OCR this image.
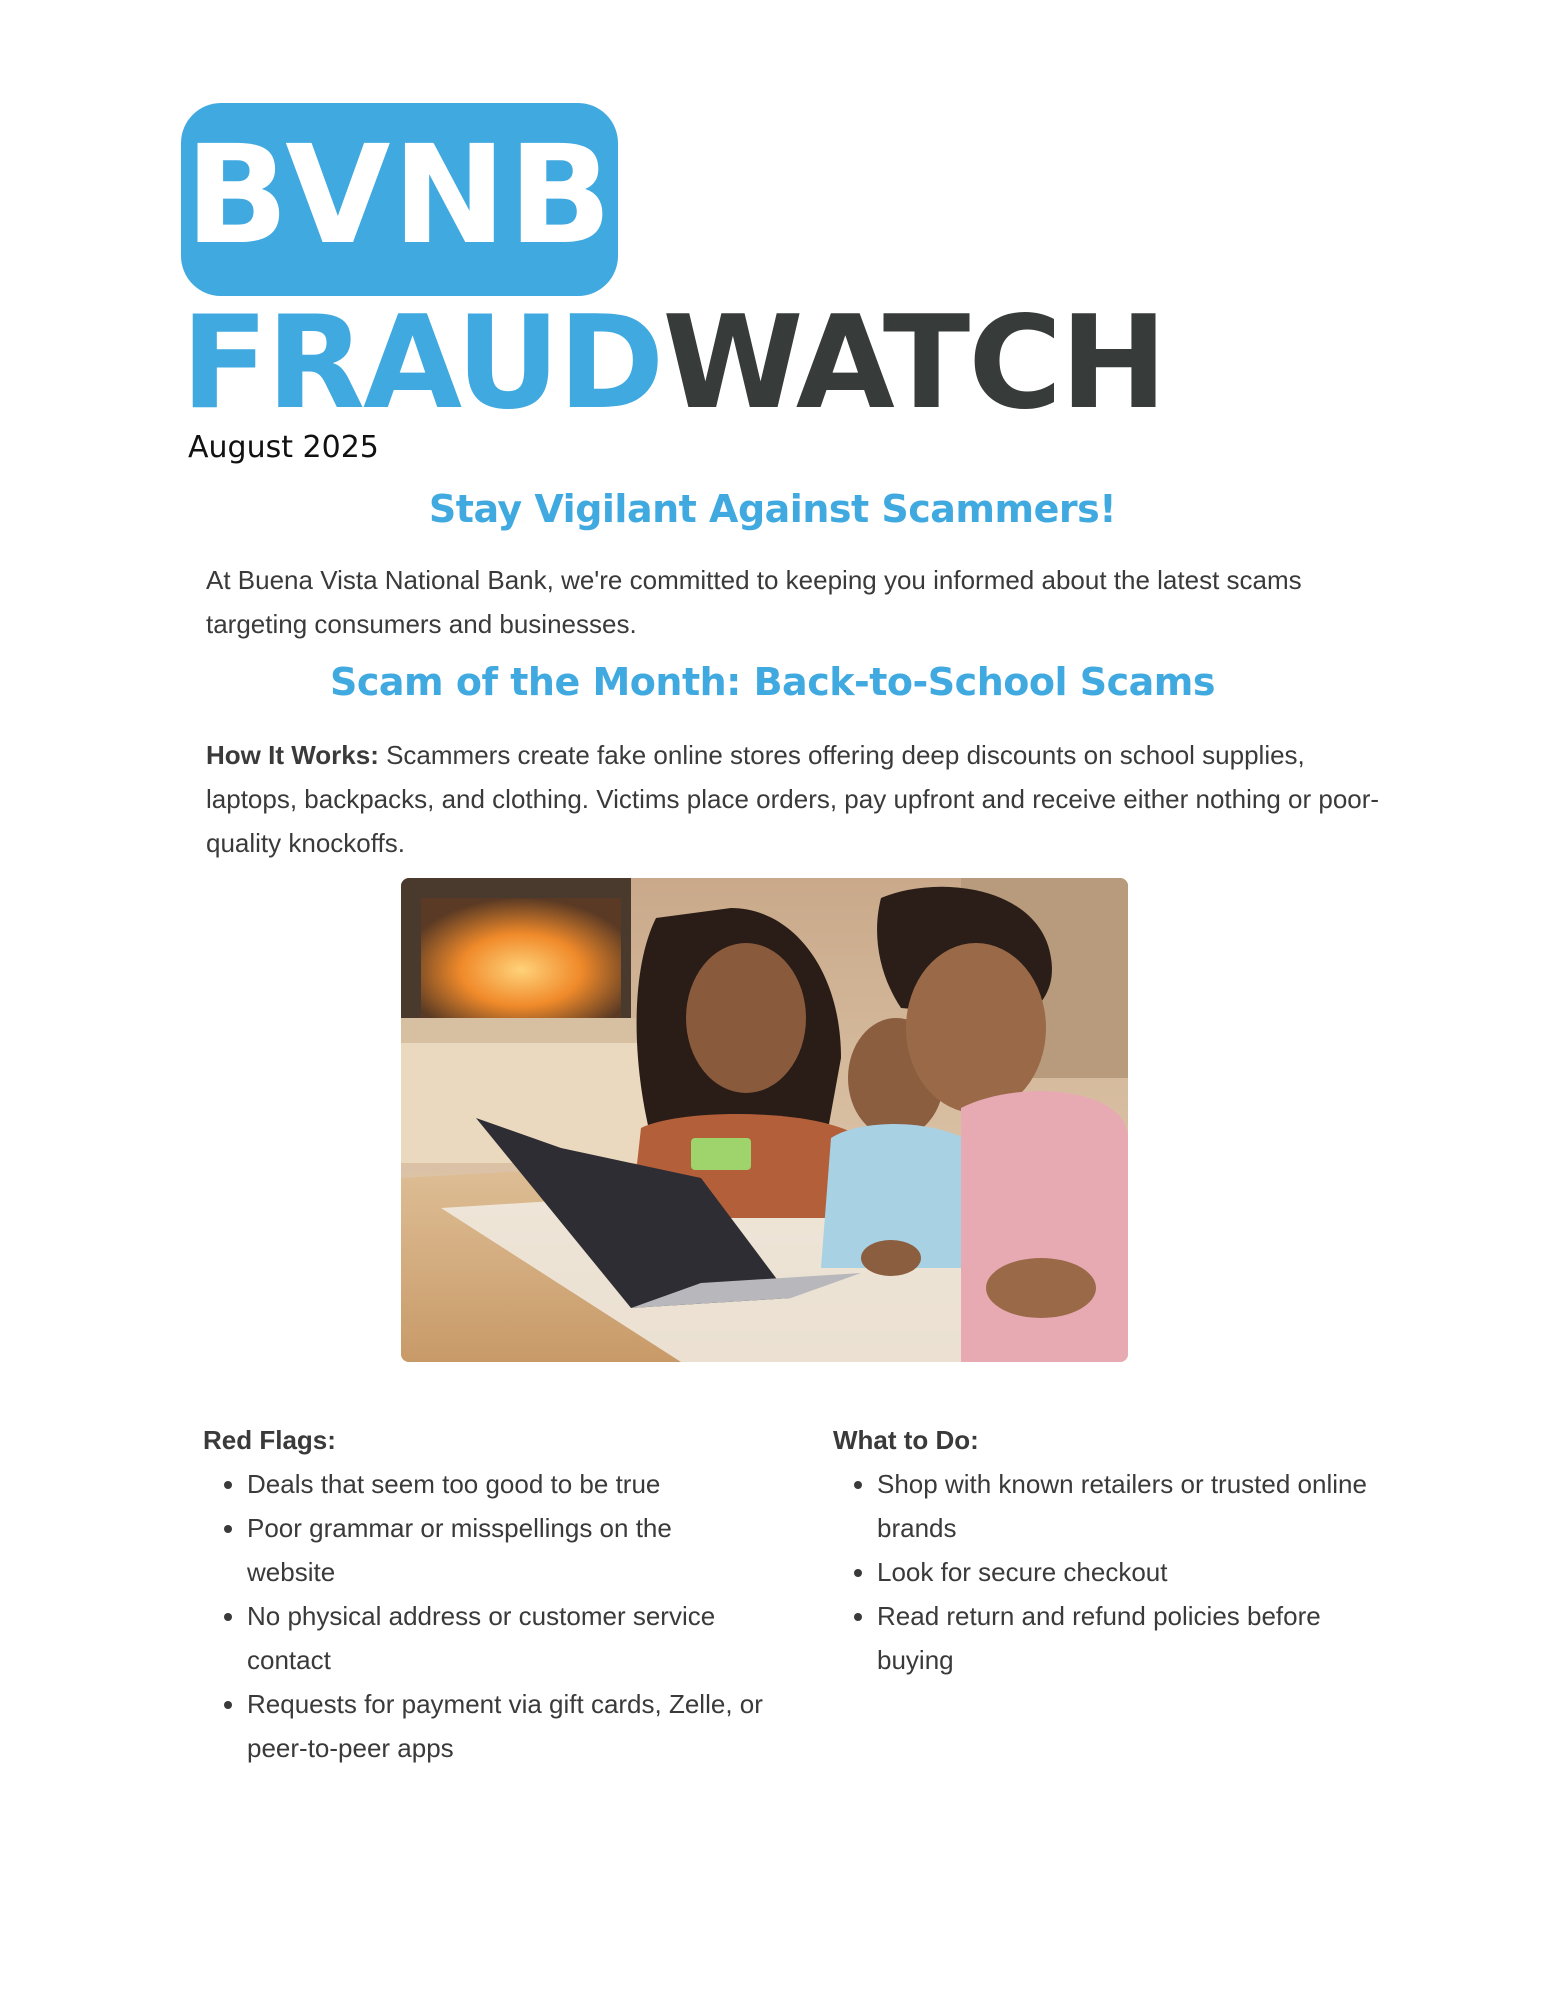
BVNB
FRAUDWATCH
August 2025
Stay Vigilant Against Scammers!
At Buena Vista National Bank, we're committed to keeping you informed about the latest scams targeting consumers and businesses.
Scam of the Month: Back-to-School Scams
How It Works: Scammers create fake online stores offering deep discounts on school supplies, laptops, backpacks, and clothing. Victims place orders, pay upfront and receive either nothing or poor-quality knockoffs.

Red Flags:

• Deals that seem too good to be true
• Poor grammar or misspellings on the website
• No physical address or customer service contact
• Requests for payment via gift cards, Zelle, or peer-to-peer apps

What to Do:

• Shop with known retailers or trusted online brands
• Look for secure checkout
• Read return and refund policies before buying
